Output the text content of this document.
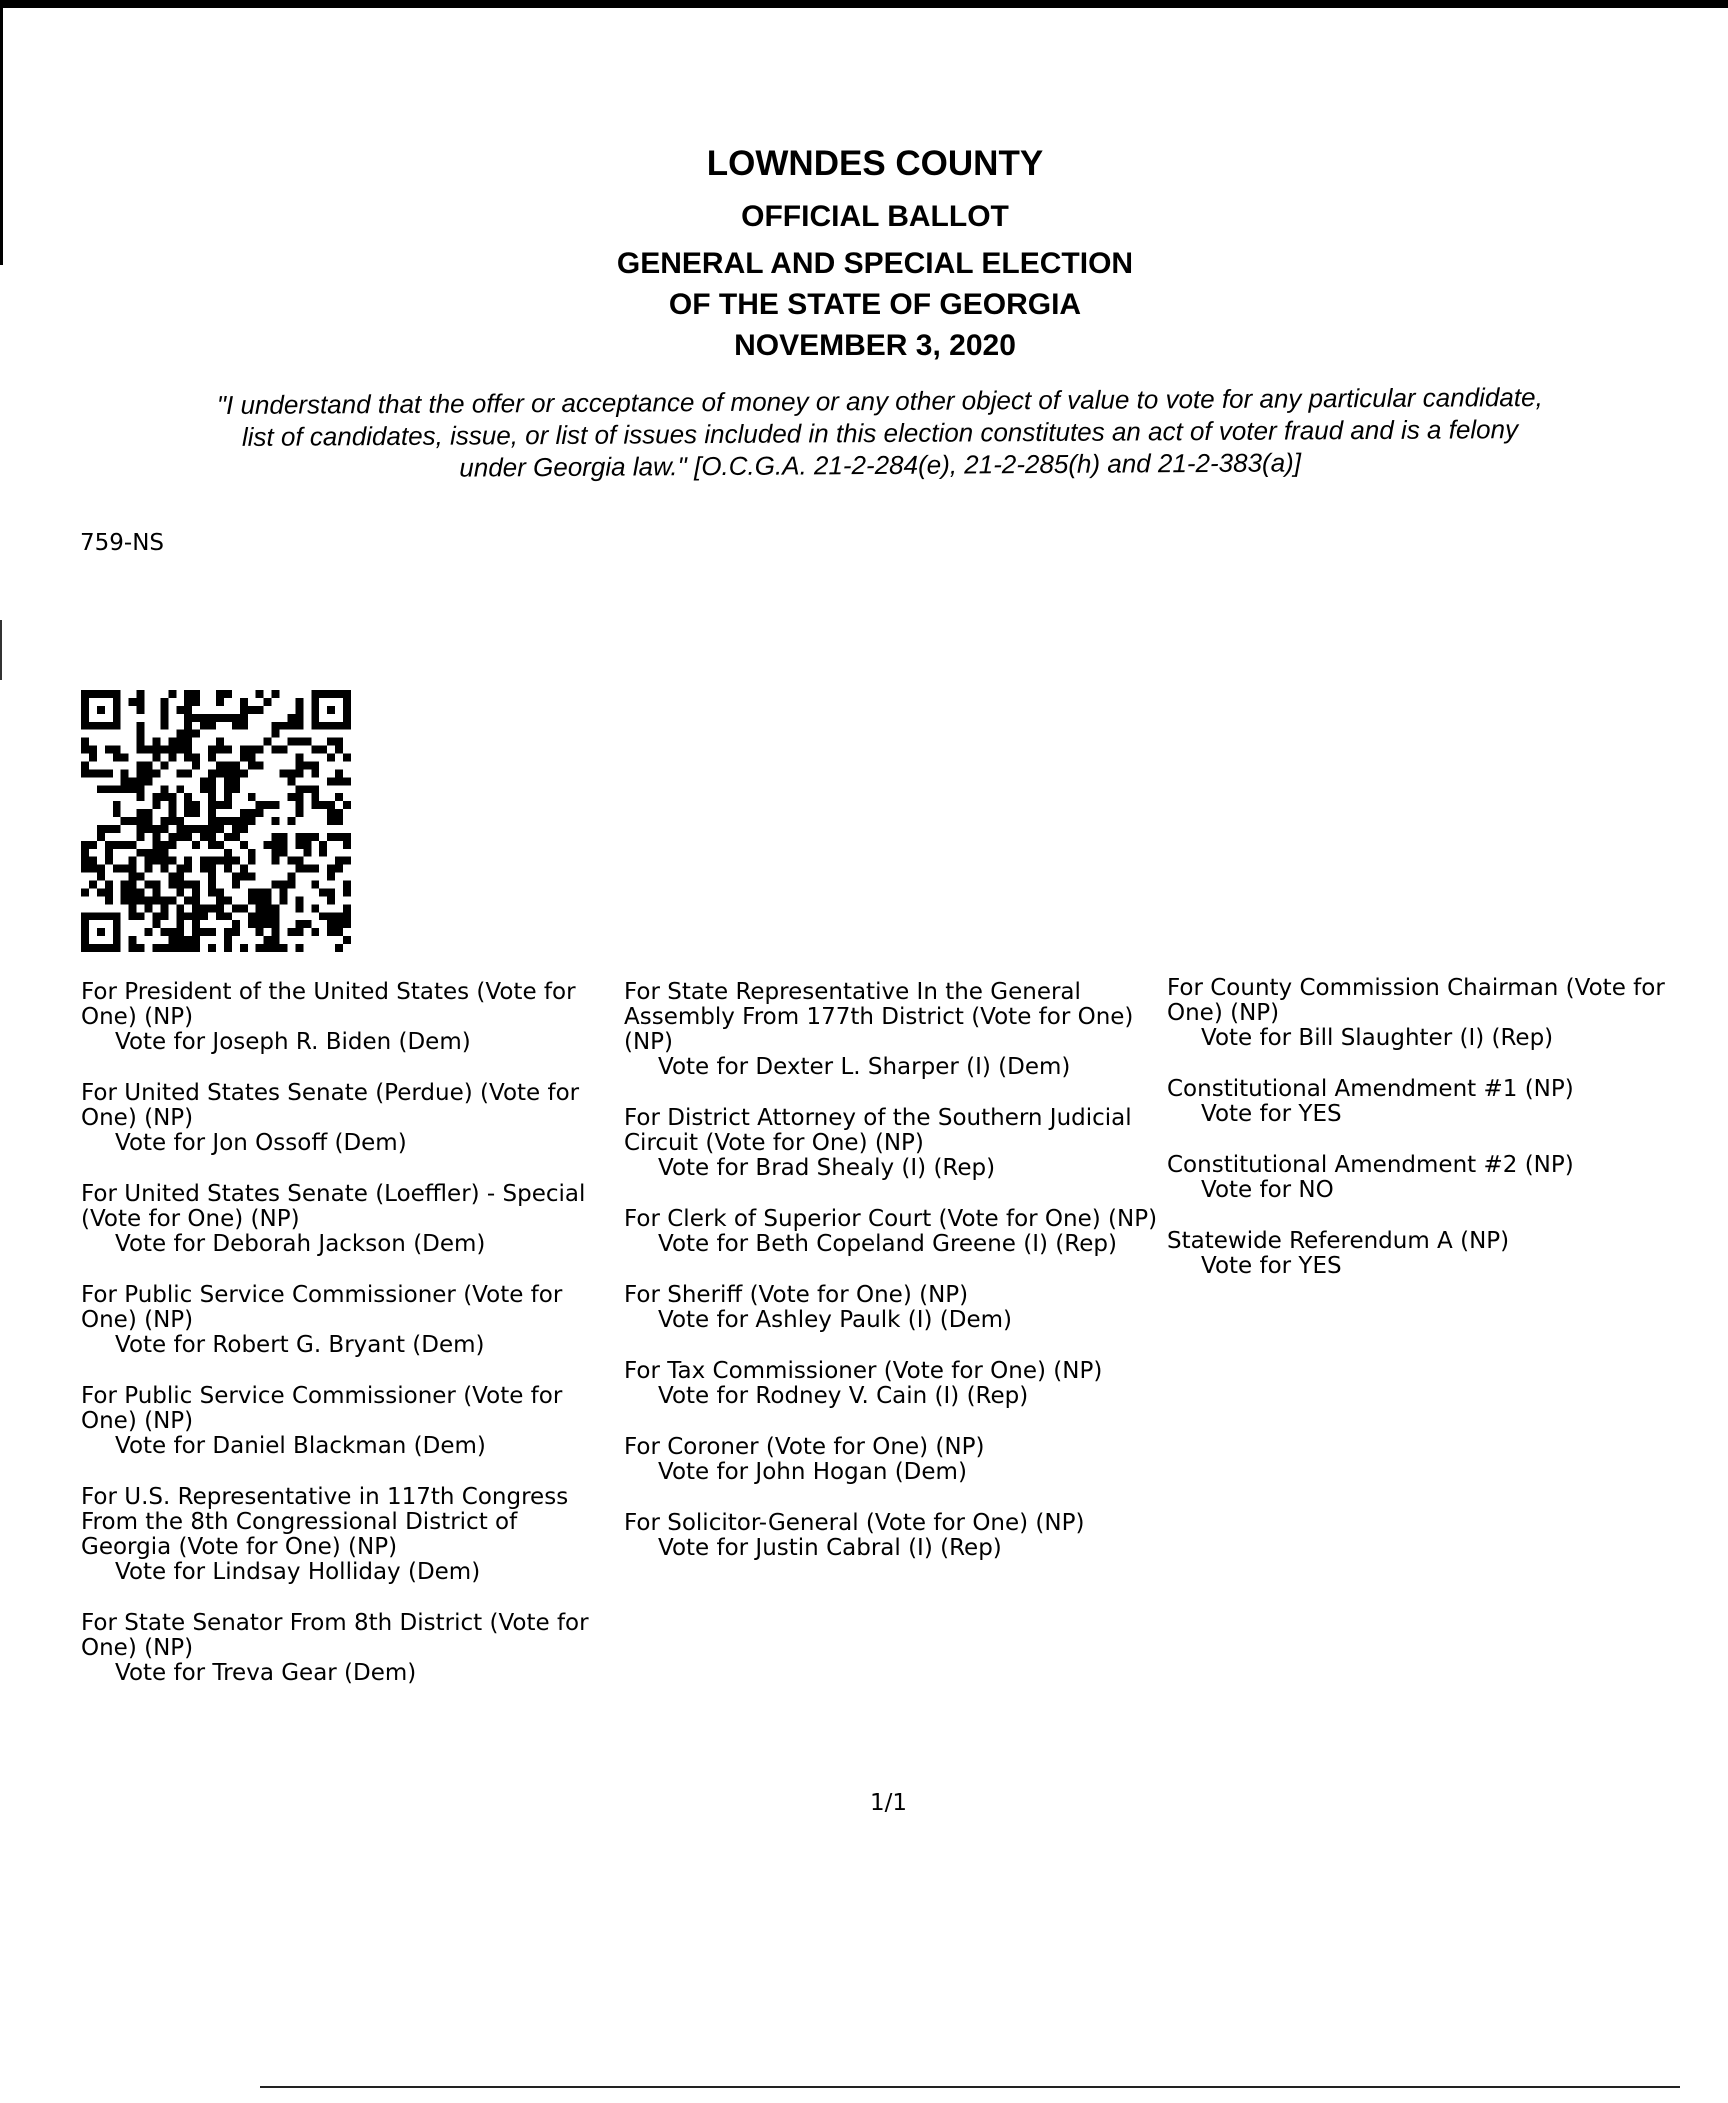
LOWNDES COUNTY
OFFICIAL BALLOT
GENERAL AND SPECIAL ELECTION
OF THE STATE OF GEORGIA
NOVEMBER 3, 2020
"I understand that the offer or acceptance of money or any other object of value to vote for any particular candidate,
list of candidates, issue, or list of issues included in this election constitutes an act of voter fraud and is a felony
under Georgia law." [O.C.G.A. 21-2-284(e), 21-2-285(h) and 21-2-383(a)]
759-NS
For President of the United States (Vote for One) (NP)
Vote for Joseph R. Biden (Dem)
For United States Senate (Perdue) (Vote for One) (NP)
Vote for Jon Ossoff (Dem)
For United States Senate (Loeffler) - Special (Vote for One) (NP)
Vote for Deborah Jackson (Dem)
For Public Service Commissioner (Vote for One) (NP)
Vote for Robert G. Bryant (Dem)
For Public Service Commissioner (Vote for One) (NP)
Vote for Daniel Blackman (Dem)
For U.S. Representative in 117th Congress From the 8th Congressional District of Georgia (Vote for One) (NP)
Vote for Lindsay Holliday (Dem)
For State Senator From 8th District (Vote for One) (NP)
Vote for Treva Gear (Dem)
For State Representative In the General Assembly From 177th District (Vote for One) (NP)
Vote for Dexter L. Sharper (I) (Dem)
For District Attorney of the Southern Judicial Circuit (Vote for One) (NP)
Vote for Brad Shealy (I) (Rep)
For Clerk of Superior Court (Vote for One) (NP)
Vote for Beth Copeland Greene (I) (Rep)
For Sheriff (Vote for One) (NP)
Vote for Ashley Paulk (I) (Dem)
For Tax Commissioner (Vote for One) (NP)
Vote for Rodney V. Cain (I) (Rep)
For Coroner (Vote for One) (NP)
Vote for John Hogan (Dem)
For Solicitor-General (Vote for One) (NP)
Vote for Justin Cabral (I) (Rep)
For County Commission Chairman (Vote for One) (NP)
Vote for Bill Slaughter (I) (Rep)
Constitutional Amendment #1 (NP)
Vote for YES
Constitutional Amendment #2 (NP)
Vote for NO
Statewide Referendum A (NP)
Vote for YES
1/1
